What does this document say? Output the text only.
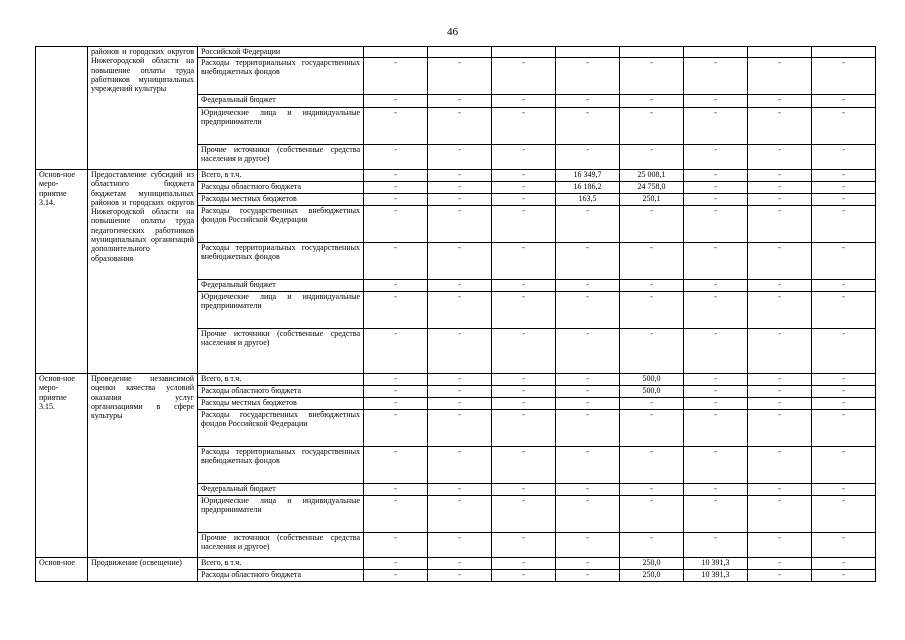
46
	районов и городских округов Нижегородской области на повышение оплаты труда работников муниципальных учреждений культуры	Российской Федерации								
		Расходы территориальных государственных внебюджетных фондов	-	-	-	-	-	-	-	-
		Федеральный бюджет	-	-	-	-	-	-	-	-
		Юридические лица и индивидуальные предприниматели	-	-	-	-	-	-	-	-
		Прочие источники (собственные средства населения и другое)	-	-	-	-	-	-	-	-
Основ-ное меро-приятие 3.14.	Предоставление субсидий из областного бюджета бюджетам муниципальных районов и городских округов Нижегородской области на повышение оплаты труда педагогических работников муниципальных организаций дополнительного образования	Всего, в т.ч.	-	-	-	16 349,7	25 008,1	-	-	-
		Расходы областного бюджета	-	-	-	16 186,2	24 758,0	-	-	-
		Расходы местных бюджетов	-	-	-	163,5	250,1	-	-	-
		Расходы государственных внебюджетных фондов Российской Федерации	-	-	-	-	-	-	-	-
		Расходы территориальных государственных внебюджетных фондов	-	-	-	-	-	-	-	-
		Федеральный бюджет	-	-	-	-	-	-	-	-
		Юридические лица и индивидуальные предприниматели	-	-	-	-	-	-	-	-
		Прочие источники (собственные средства населения и другое)	-	-	-	-	-	-	-	-
Основ-ное меро-приятие 3.15.	Проведение независимой оценки качества условий оказания услуг организациями в сфере культуры	Всего, в т.ч.	-	-	-	-	500,0	-	-	-
		Расходы областного бюджета	-	-	-	-	500,0	-	-	-
		Расходы местных бюджетов	-	-	-	-	-	-	-	-
		Расходы государственных внебюджетных фондов Российской Федерации	-	-	-	-	-	-	-	-
		Расходы территориальных государственных внебюджетных фондов	-	-	-	-	-	-	-	-
		Федеральный бюджет	-	-	-	-	-	-	-	-
		Юридические лица и индивидуальные предприниматели	-	-	-	-	-	-	-	-
		Прочие источники (собственные средства населения и другое)	-	-	-	-	-	-	-	-
Основ-ное	Продвижение (освещение)	Всего, в т.ч.	-	-	-	-	250,0	10 391,3	-	-
		Расходы областного бюджета	-	-	-	-	250,0	10 391,3	-	-
